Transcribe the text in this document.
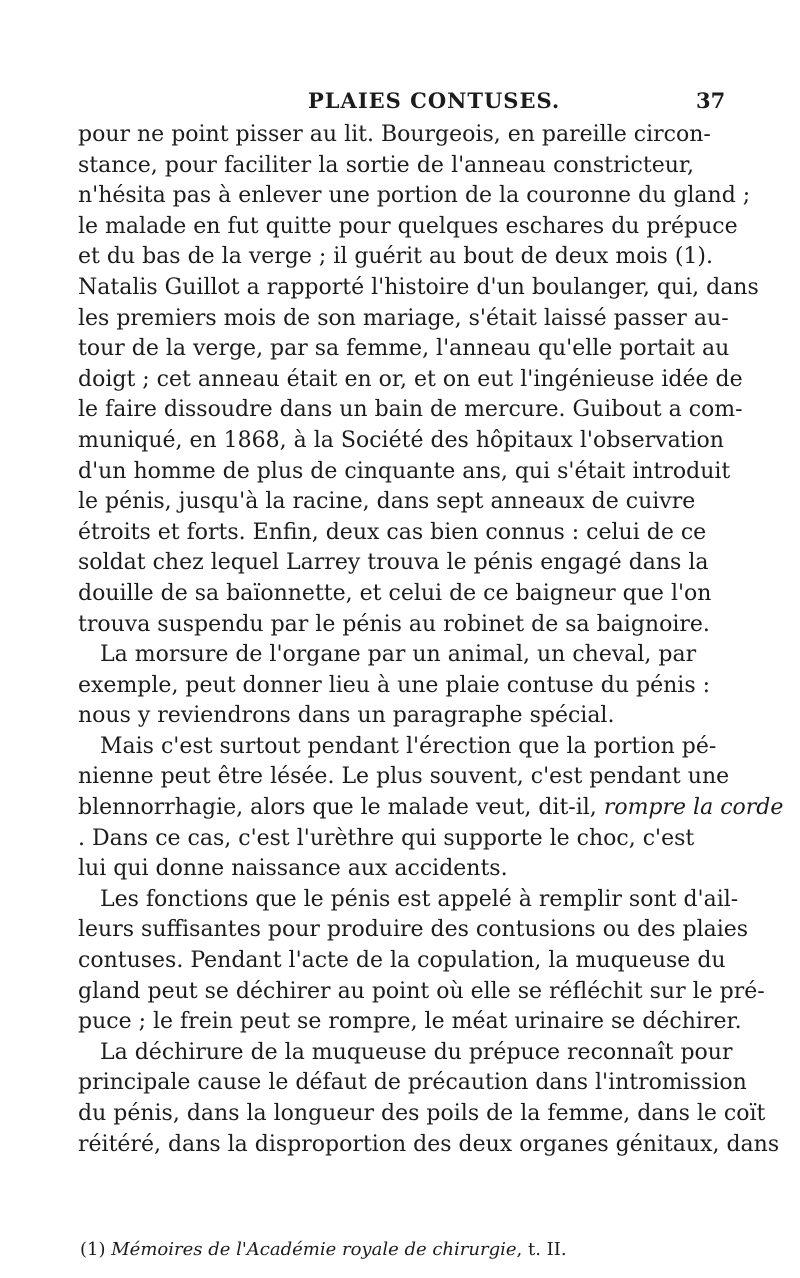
PLAIES CONTUSES.	37
pour ne point pisser au lit. Bourgeois, en pareille circon-
stance, pour faciliter la sortie de l'anneau constricteur,
n'hésita pas à enlever une portion de la couronne du gland ;
le malade en fut quitte pour quelques eschares du prépuce
et du bas de la verge ; il guérit au bout de deux mois (1).
Natalis Guillot a rapporté l'histoire d'un boulanger, qui, dans
les premiers mois de son mariage, s'était laissé passer au-
tour de la verge, par sa femme, l'anneau qu'elle portait au
doigt ; cet anneau était en or, et on eut l'ingénieuse idée de
le faire dissoudre dans un bain de mercure. Guibout a com-
muniqué, en 1868, à la Société des hôpitaux l'observation
d'un homme de plus de cinquante ans, qui s'était introduit
le pénis, jusqu'à la racine, dans sept anneaux de cuivre
étroits et forts. Enfin, deux cas bien connus : celui de ce
soldat chez lequel Larrey trouva le pénis engagé dans la
douille de sa baïonnette, et celui de ce baigneur que l'on
trouva suspendu par le pénis au robinet de sa baignoire.
La morsure de l'organe par un animal, un cheval, par
exemple, peut donner lieu à une plaie contuse du pénis :
nous y reviendrons dans un paragraphe spécial.
Mais c'est surtout pendant l'érection que la portion pé-
nienne peut être lésée. Le plus souvent, c'est pendant une
blennorrhagie, alors que le malade veut, dit-il, rompre la corde
. Dans ce cas, c'est l'urèthre qui supporte le choc, c'est
lui qui donne naissance aux accidents.
Les fonctions que le pénis est appelé à remplir sont d'ail-
leurs suffisantes pour produire des contusions ou des plaies
contuses. Pendant l'acte de la copulation, la muqueuse du
gland peut se déchirer au point où elle se réfléchit sur le pré-
puce ; le frein peut se rompre, le méat urinaire se déchirer.
La déchirure de la muqueuse du prépuce reconnaît pour
principale cause le défaut de précaution dans l'intromission
du pénis, dans la longueur des poils de la femme, dans le coït
réitéré, dans la disproportion des deux organes génitaux, dans
(1) Mémoires de l'Académie royale de chirurgie, t. II.
